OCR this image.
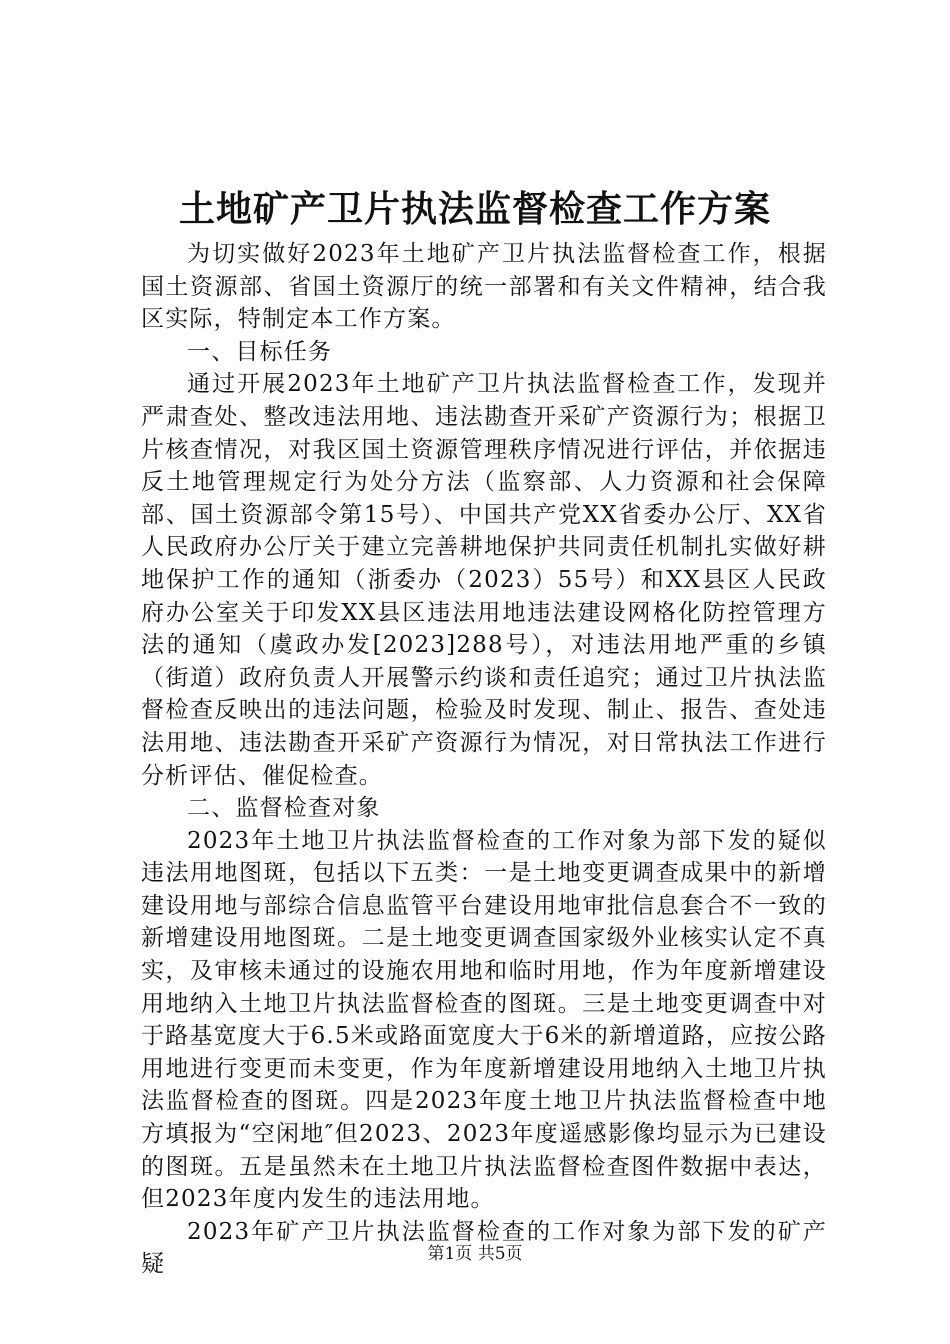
土地矿产卫片执法监督检查工作方案

为切实做好2023年土地矿产卫片执法监督检查工作，根据国土资源部、省国土资源厅的统一部署和有关文件精神，结合我区实际，特制定本工作方案。

一、目标任务

通过开展2023年土地矿产卫片执法监督检查工作，发现并严肃查处、整改违法用地、违法勘查开采矿产资源行为；根据卫片核查情况，对我区国土资源管理秩序情况进行评估，并依据违反土地管理规定行为处分方法（监察部、人力资源和社会保障部、国土资源部令第15号）、中国共产党XX省委办公厅、XX省人民政府办公厅关于建立完善耕地保护共同责任机制扎实做好耕地保护工作的通知（浙委办（2023）55号）和XX县区人民政府办公室关于印发XX县区违法用地违法建设网格化防控管理方法的通知（虞政办发[2023]288号），对违法用地严重的乡镇（街道）政府负责人开展警示约谈和责任追究；通过卫片执法监督检查反映出的违法问题，检验及时发现、制止、报告、查处违法用地、违法勘查开采矿产资源行为情况，对日常执法工作进行分析评估、催促检查。

二、监督检查对象

2023年土地卫片执法监督检查的工作对象为部下发的疑似违法用地图斑，包括以下五类：一是土地变更调查成果中的新增建设用地与部综合信息监管平台建设用地审批信息套合不一致的新增建设用地图斑。二是土地变更调查国家级外业核实认定不真实，及审核未通过的设施农用地和临时用地，作为年度新增建设用地纳入土地卫片执法监督检查的图斑。三是土地变更调查中对于路基宽度大于6.5米或路面宽度大于6米的新增道路，应按公路用地进行变更而未变更，作为年度新增建设用地纳入土地卫片执法监督检查的图斑。四是2023年度土地卫片执法监督检查中地方填报为“空闲地″但2023、2023年度遥感影像均显示为已建设的图斑。五是虽然未在土地卫片执法监督检查图件数据中表达，但2023年度内发生的违法用地。

2023年矿产卫片执法监督检查的工作对象为部下发的矿产疑	第1页 共5页
